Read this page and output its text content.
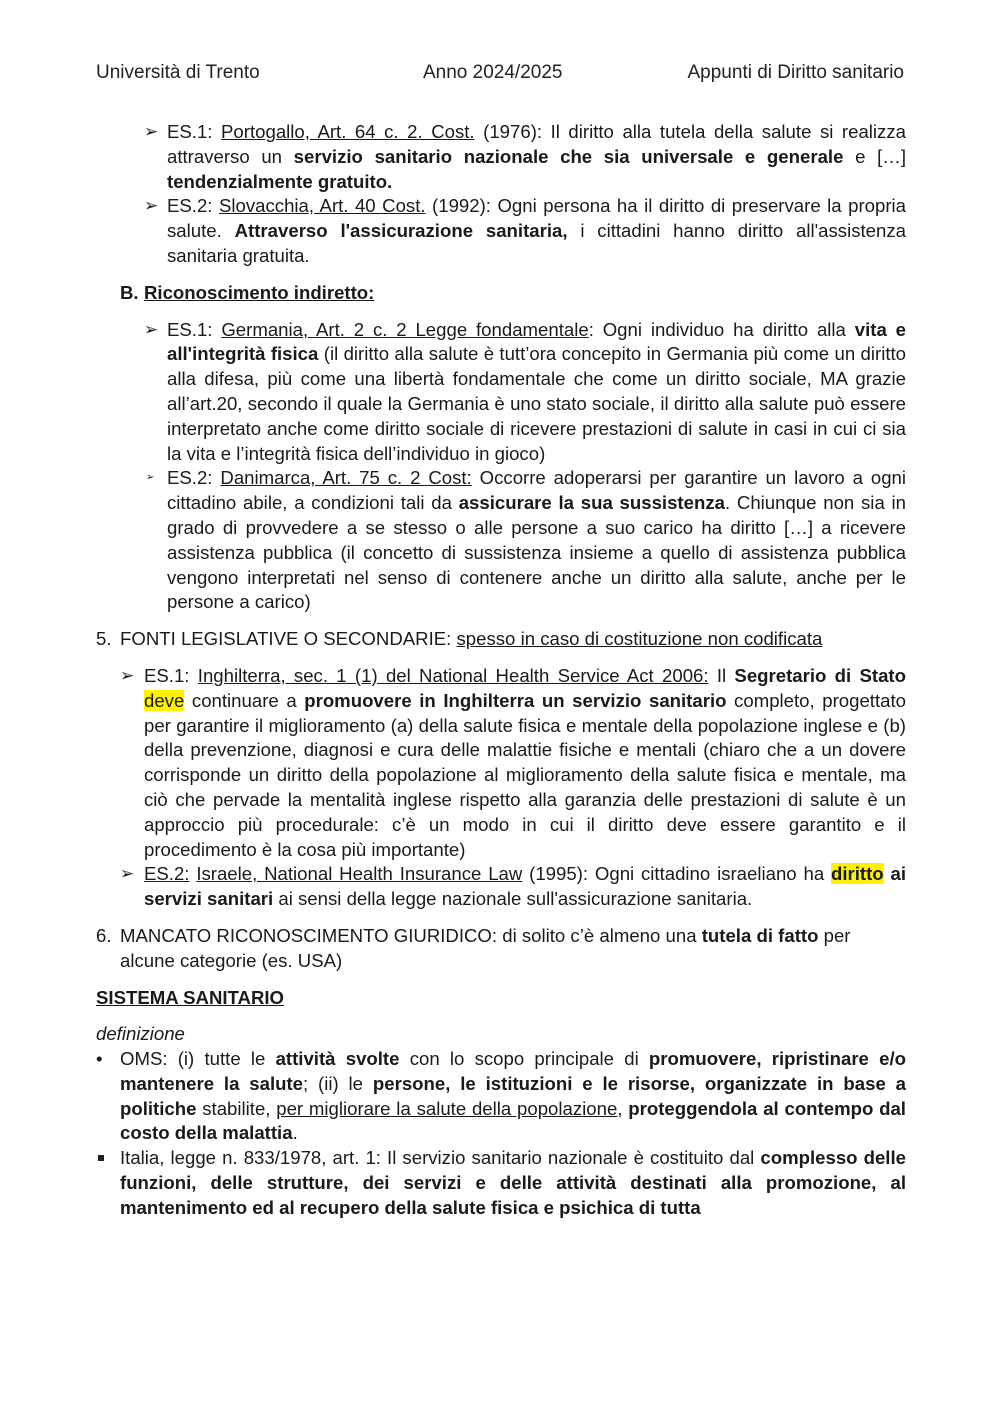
Università di Trento	Anno 2024/2025	Appunti di Diritto sanitario
➢ ES.1: Portogallo, Art. 64 c. 2. Cost. (1976): Il diritto alla tutela della salute si realizza attraverso un servizio sanitario nazionale che sia universale e generale e […] tendenzialmente gratuito.
➢ ES.2: Slovacchia, Art. 40 Cost. (1992): Ogni persona ha il diritto di preservare la propria salute. Attraverso l'assicurazione sanitaria, i cittadini hanno diritto all'assistenza sanitaria gratuita.
B. Riconoscimento indiretto:
➢ ES.1: Germania, Art. 2 c. 2 Legge fondamentale: Ogni individuo ha diritto alla vita e all'integrità fisica (il diritto alla salute è tutt’ora concepito in Germania più come un diritto alla difesa, più come una libertà fondamentale che come un diritto sociale, MA grazie all’art.20, secondo il quale la Germania è uno stato sociale, il diritto alla salute può essere interpretato anche come diritto sociale di ricevere prestazioni di salute in casi in cui ci sia la vita e l’integrità fisica dell’individuo in gioco)
➢ ES.2: Danimarca, Art. 75 c. 2 Cost: Occorre adoperarsi per garantire un lavoro a ogni cittadino abile, a condizioni tali da assicurare la sua sussistenza. Chiunque non sia in grado di provvedere a se stesso o alle persone a suo carico ha diritto […] a ricevere assistenza pubblica (il concetto di sussistenza insieme a quello di assistenza pubblica vengono interpretati nel senso di contenere anche un diritto alla salute, anche per le persone a carico)
5. FONTI LEGISLATIVE O SECONDARIE: spesso in caso di costituzione non codificata
➢ ES.1: Inghilterra, sec. 1 (1) del National Health Service Act 2006: Il Segretario di Stato deve continuare a promuovere in Inghilterra un servizio sanitario completo, progettato per garantire il miglioramento (a) della salute fisica e mentale della popolazione inglese e (b) della prevenzione, diagnosi e cura delle malattie fisiche e mentali (chiaro che a un dovere corrisponde un diritto della popolazione al miglioramento della salute fisica e mentale, ma ciò che pervade la mentalità inglese rispetto alla garanzia delle prestazioni di salute è un approccio più procedurale: c’è un modo in cui il diritto deve essere garantito e il procedimento è la cosa più importante)
➢ ES.2: Israele, National Health Insurance Law (1995): Ogni cittadino israeliano ha diritto ai servizi sanitari ai sensi della legge nazionale sull'assicurazione sanitaria.
6. MANCATO RICONOSCIMENTO GIURIDICO: di solito c’è almeno una tutela di fatto per alcune categorie (es. USA)
SISTEMA SANITARIO
definizione
• OMS: (i) tutte le attività svolte con lo scopo principale di promuovere, ripristinare e/o mantenere la salute; (ii) le persone, le istituzioni e le risorse, organizzate in base a politiche stabilite, per migliorare la salute della popolazione, proteggendola al contempo dal costo della malattia.
Italia, legge n. 833/1978, art. 1: Il servizio sanitario nazionale è costituito dal complesso delle funzioni, delle strutture, dei servizi e delle attività destinati alla promozione, al mantenimento ed al recupero della salute fisica e psichica di tutta
